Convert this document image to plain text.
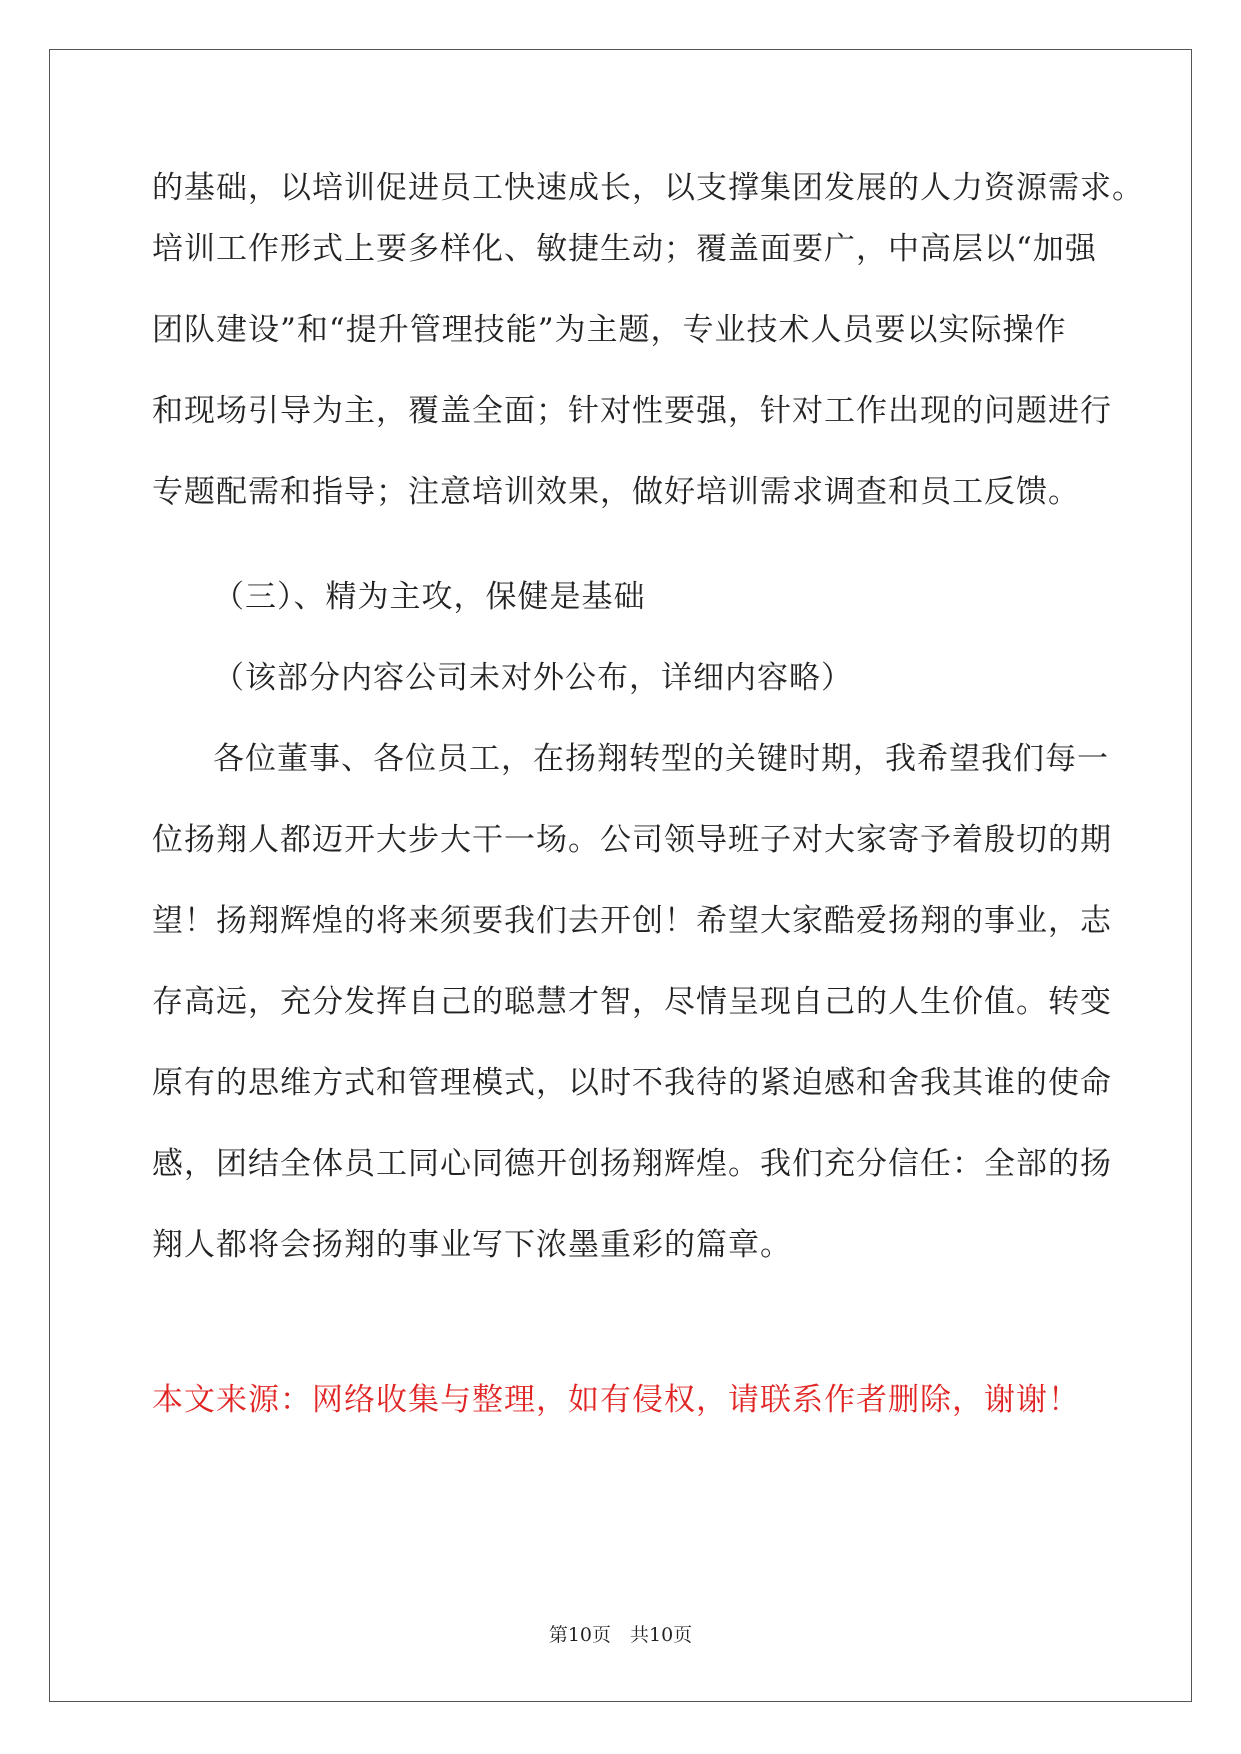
的基础，以培训促进员工快速成长，以支撑集团发展的人力资源需求。
培训工作形式上要多样化、敏捷生动；覆盖面要广，中高层以“加强
团队建设”和“提升管理技能”为主题，专业技术人员要以实际操作
和现场引导为主，覆盖全面；针对性要强，针对工作出现的问题进行
专题配需和指导；注意培训效果，做好培训需求调查和员工反馈。
（三）、精为主攻，保健是基础
（该部分内容公司未对外公布，详细内容略）
各位董事、各位员工，在扬翔转型的关键时期，我希望我们每一
位扬翔人都迈开大步大干一场。公司领导班子对大家寄予着殷切的期
望！扬翔辉煌的将来须要我们去开创！希望大家酷爱扬翔的事业，志
存高远，充分发挥自己的聪慧才智，尽情呈现自己的人生价值。转变
原有的思维方式和管理模式，以时不我待的紧迫感和舍我其谁的使命
感，团结全体员工同心同德开创扬翔辉煌。我们充分信任：全部的扬
翔人都将会扬翔的事业写下浓墨重彩的篇章。
本文来源：网络收集与整理，如有侵权，请联系作者删除，谢谢！
第10页　共10页
